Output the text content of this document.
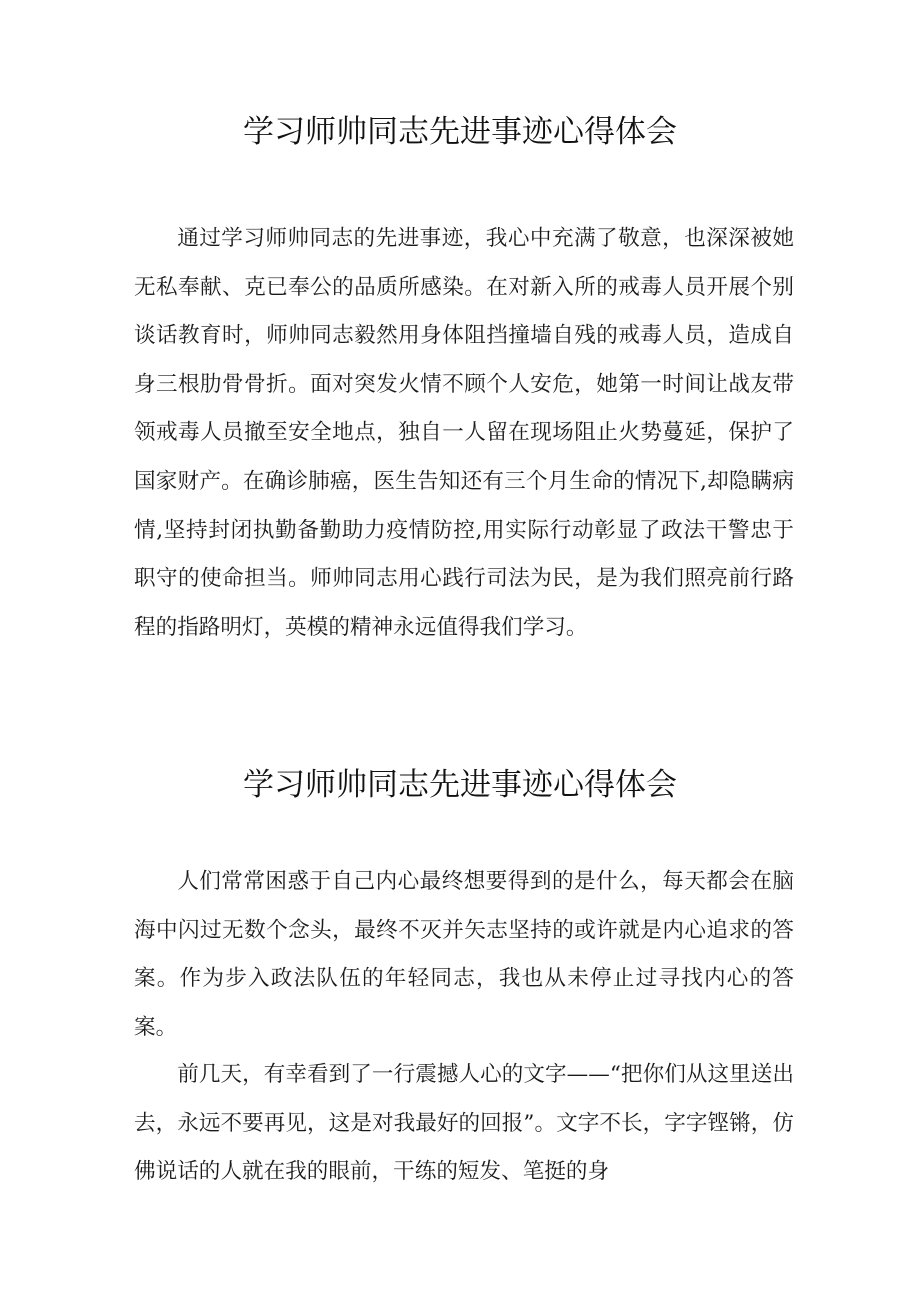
学习师帅同志先进事迹心得体会

通过学习师帅同志的先进事迹，我心中充满了敬意，也深深被她无私奉献、克已奉公的品质所感染。在对新入所的戒毒人员开展个别谈话教育时，师帅同志毅然用身体阻挡撞墙自残的戒毒人员，造成自身三根肋骨骨折。面对突发火情不顾个人安危，她第一时间让战友带领戒毒人员撤至安全地点，独自一人留在现场阻止火势蔓延，保护了国家财产。在确诊肺癌，医生告知还有三个月生命的情况下,却隐瞒病情,坚持封闭执勤备勤助力疫情防控,用实际行动彰显了政法干警忠于职守的使命担当。师帅同志用心践行司法为民，是为我们照亮前行路程的指路明灯，英模的精神永远值得我们学习。

学习师帅同志先进事迹心得体会

人们常常困惑于自己内心最终想要得到的是什么，每天都会在脑海中闪过无数个念头，最终不灭并矢志坚持的或许就是内心追求的答案。作为步入政法队伍的年轻同志，我也从未停止过寻找内心的答案。

前几天，有幸看到了一行震撼人心的文字——“把你们从这里送出去，永远不要再见，这是对我最好的回报”。文字不长，字字铿锵，仿佛说话的人就在我的眼前，干练的短发、笔挺的身
